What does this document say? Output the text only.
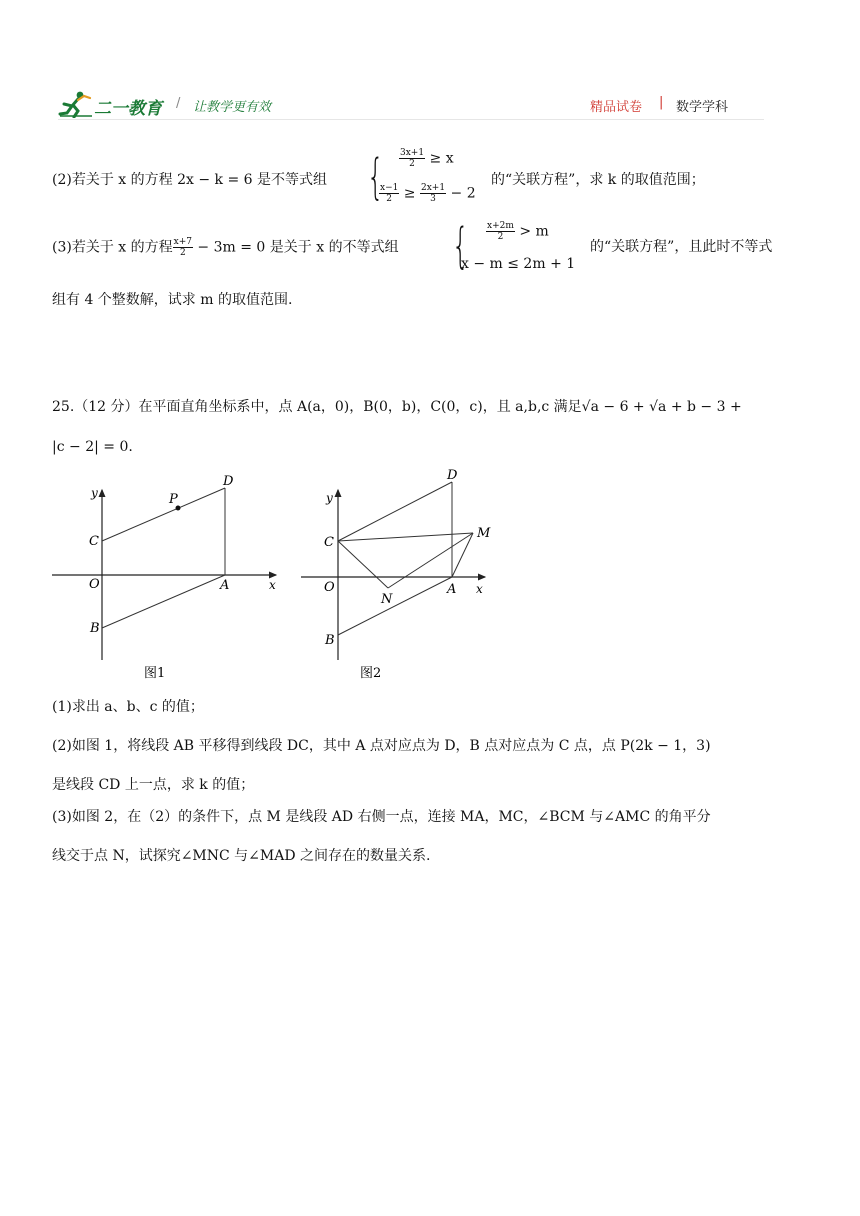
二一教育 / 让教学更有效	精品试卷 | 数学学科
(2)若关于 x 的方程 2x − k = 6 是不等式组 { $\frac{3x+1}{2} \ge x$
$\frac{x-1}{2} \ge \frac{2x+1}{3} - 2$
的“关联方程”，求 k 的取值范围；
(3)若关于 x 的方程 $\frac{x+7}{2} - 3m = 0$ 是关于 x 的不等式组 { $\frac{x+2m}{2} > m$
x − m ≤ 2m + 1
的“关联方程”，且此时不等式
组有 4 个整数解，试求 m 的取值范围.
25.（12 分）在平面直角坐标系中，点 A(a，0)，B(0，b)，C(0，c)，且 a,b,c 满足√a − 6 + √a + b − 3 +
|c − 2| = 0.
y
x
O	A
B
C
D
P
图1
y
x
O	A
B
C
D
M
N
图2
(1)求出 a、b、c 的值；
(2)如图 1，将线段 AB 平移得到线段 DC，其中 A 点对应点为 D，B 点对应点为 C 点，点 P(2k − 1，3)
是线段 CD 上一点，求 k 的值；
(3)如图 2，在（2）的条件下，点 M 是线段 AD 右侧一点，连接 MA，MC，∠BCM 与∠AMC 的角平分
线交于点 N，试探究∠MNC 与∠MAD 之间存在的数量关系.
